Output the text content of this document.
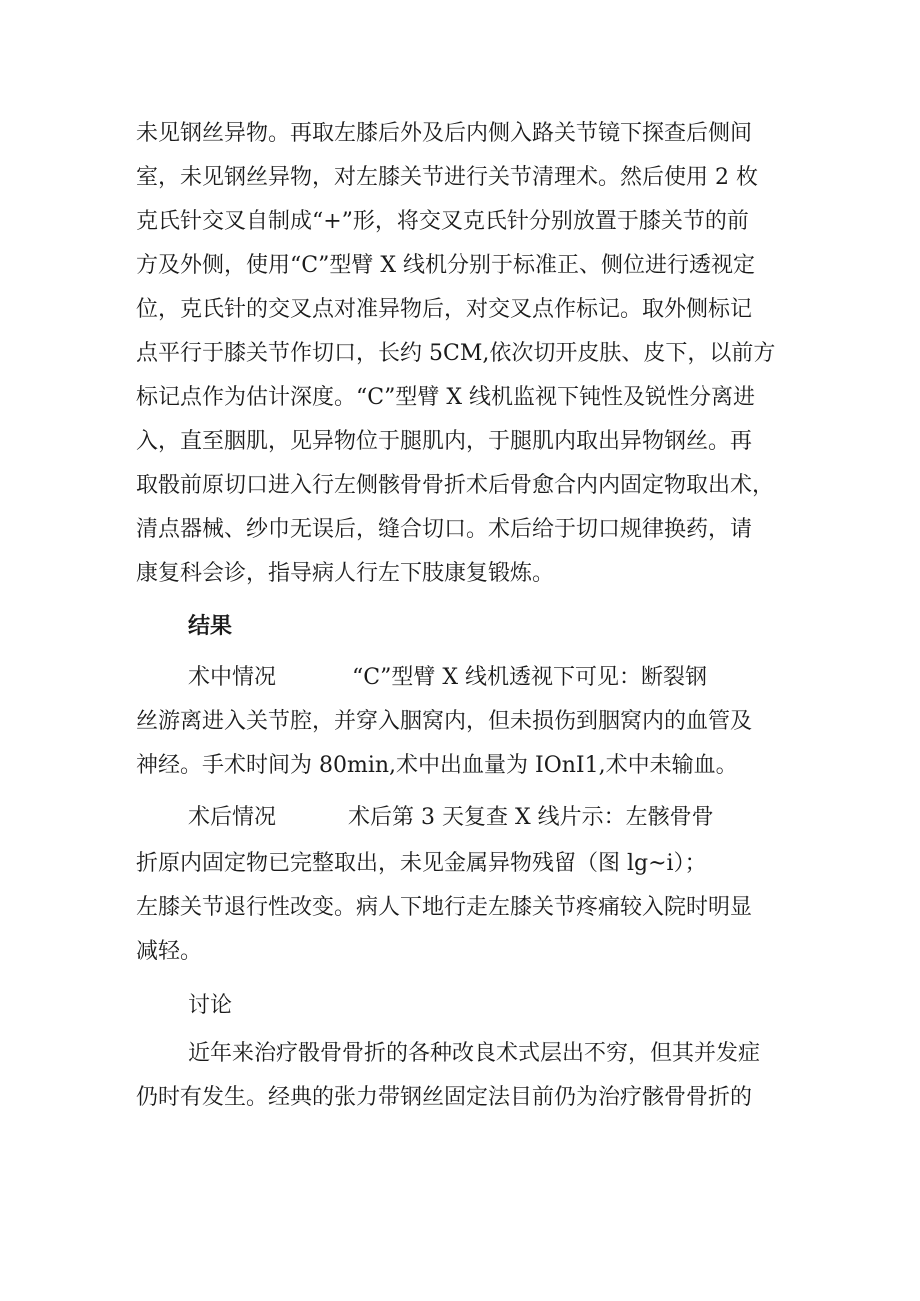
未见钢丝异物。再取左膝后外及后内侧入路关节镜下探查后侧间
室，未见钢丝异物，对左膝关节进行关节清理术。然后使用 2 枚
克氏针交叉自制成“+”形，将交叉克氏针分别放置于膝关节的前
方及外侧，使用“C”型臂 X 线机分别于标准正、侧位进行透视定
位，克氏针的交叉点对准异物后，对交叉点作标记。取外侧标记
点平行于膝关节作切口，长约 5CM,依次切开皮肤、皮下，以前方
标记点作为估计深度。“C”型臂 X 线机监视下钝性及锐性分离进
入，直至胭肌，见异物位于腿肌内，于腿肌内取出异物钢丝。再
取骰前原切口进入行左侧骸骨骨折术后骨愈合内内固定物取出术，
清点器械、纱巾无误后，缝合切口。术后给于切口规律换药，请
康复科会诊，指导病人行左下肢康复锻炼。
结果
术中情况	“C”型臂 X 线机透视下可见：断裂钢
丝游离进入关节腔，并穿入胭窝内，但未损伤到胭窝内的血管及
神经。手术时间为 80min,术中出血量为 IOnI1,术中未输血。
术后情况	术后第 3 天复查 X 线片示：左骸骨骨
折原内固定物已完整取出，未见金属异物残留（图 lg~i）；
左膝关节退行性改变。病人下地行走左膝关节疼痛较入院时明显
减轻。
讨论
近年来治疗骰骨骨折的各种改良术式层出不穷，但其并发症
仍时有发生。经典的张力带钢丝固定法目前仍为治疗骸骨骨折的
